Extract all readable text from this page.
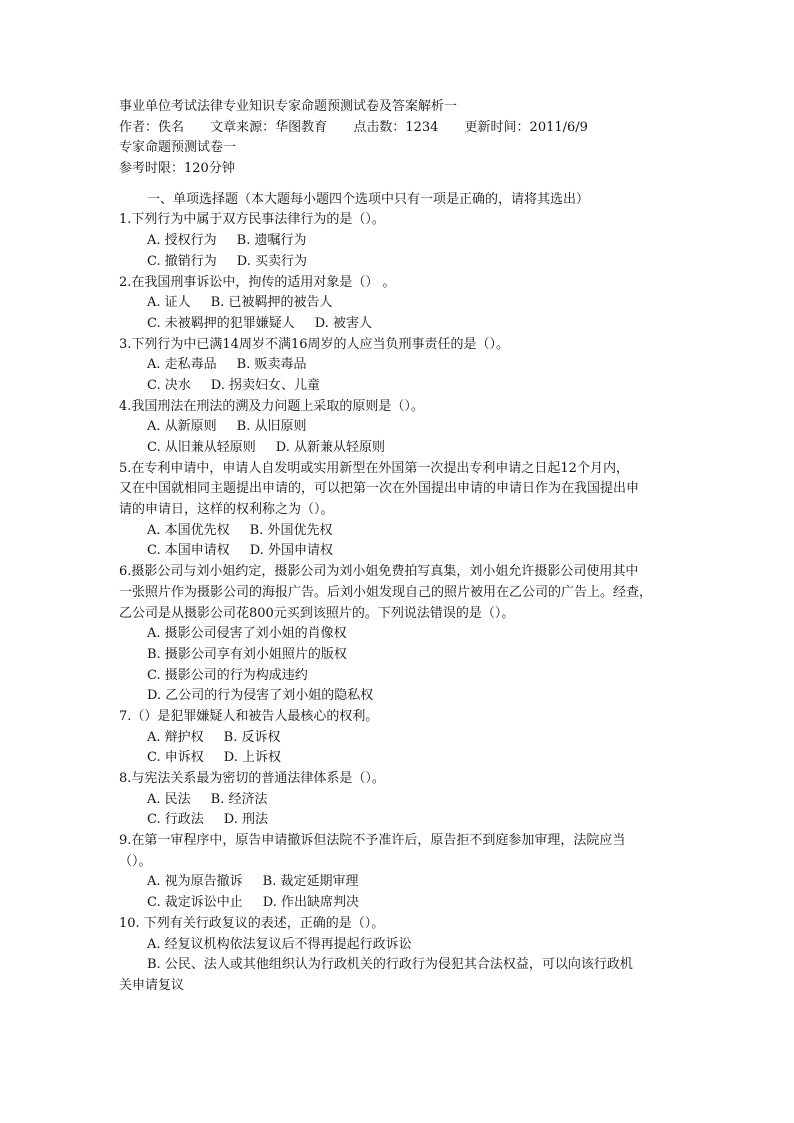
事业单位考试法律专业知识专家命题预测试卷及答案解析一
作者：佚名 文章来源：华图教育 点击数：1234 更新时间：2011/6/9
专家命题预测试卷一
参考时限：120分钟
一、单项选择题（本大题每小题四个选项中只有一项是正确的，请将其选出）
1.下列行为中属于双方民事法律行为的是（）。
A. 授权行为 B. 遗嘱行为
C. 撤销行为 D. 买卖行为
2.在我国刑事诉讼中，拘传的适用对象是（） 。
A. 证人 B. 已被羁押的被告人
C. 未被羁押的犯罪嫌疑人 D. 被害人
3.下列行为中已满14周岁不满16周岁的人应当负刑事责任的是（）。
A. 走私毒品 B. 贩卖毒品
C. 决水 D. 拐卖妇女、儿童
4.我国刑法在刑法的溯及力问题上采取的原则是（）。
A. 从新原则 B. 从旧原则
C. 从旧兼从轻原则 D. 从新兼从轻原则
5.在专利申请中，申请人自发明或实用新型在外国第一次提出专利申请之日起12个月内，
又在中国就相同主题提出申请的，可以把第一次在外国提出申请的申请日作为在我国提出申
请的申请日，这样的权利称之为（）。
A. 本国优先权 B. 外国优先权
C. 本国申请权 D. 外国申请权
6.摄影公司与刘小姐约定，摄影公司为刘小姐免费拍写真集，刘小姐允许摄影公司使用其中
一张照片作为摄影公司的海报广告。后刘小姐发现自己的照片被用在乙公司的广告上。经查，
乙公司是从摄影公司花800元买到该照片的。下列说法错误的是（）。
A. 摄影公司侵害了刘小姐的肖像权
B. 摄影公司享有刘小姐照片的版权
C. 摄影公司的行为构成违约
D. 乙公司的行为侵害了刘小姐的隐私权
7.（）是犯罪嫌疑人和被告人最核心的权利。
A. 辩护权 B. 反诉权
C. 申诉权 D. 上诉权
8.与宪法关系最为密切的普通法律体系是（）。
A. 民法 B. 经济法
C. 行政法 D. 刑法
9.在第一审程序中，原告申请撤诉但法院不予准许后，原告拒不到庭参加审理，法院应当
（）。
A. 视为原告撤诉 B. 裁定延期审理
C. 裁定诉讼中止 D. 作出缺席判决
10. 下列有关行政复议的表述，正确的是（）。
A. 经复议机构依法复议后不得再提起行政诉讼
B. 公民、法人或其他组织认为行政机关的行政行为侵犯其合法权益，可以向该行政机
关申请复议
